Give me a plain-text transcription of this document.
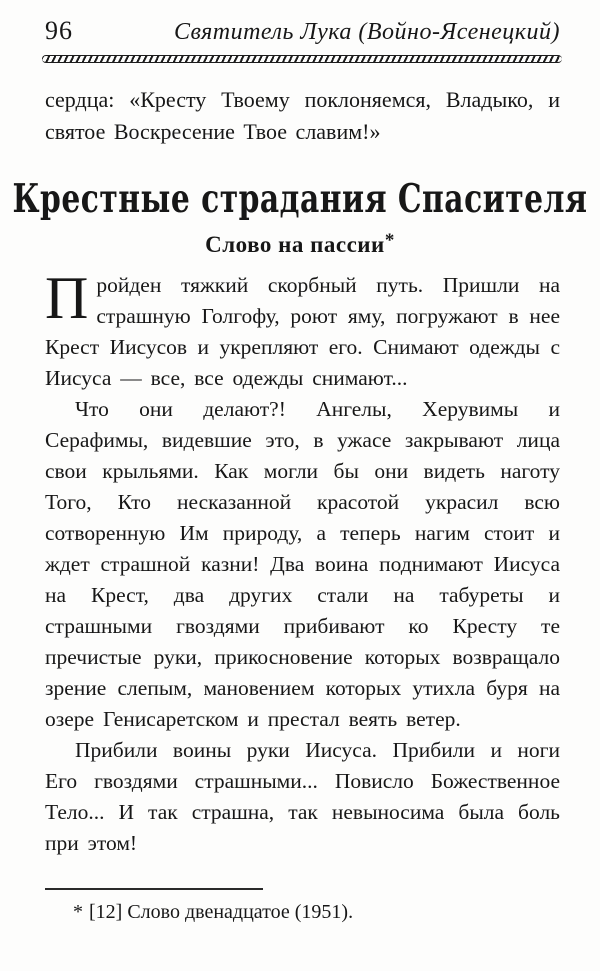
96	Святитель Лука (Войно-Ясенецкий)

сердца: «Кресту Твоему поклоняемся, Владыко, и святое Воскресение Твое славим!»

Крестные страдания Спасителя
Слово на пассии*

Пройден тяжкий скорбный путь. Пришли на страшную Голгофу, роют яму, погружают в нее Крест Иисусов и укрепляют его. Снимают одежды с Иисуса — все, все одежды снимают...

Что они делают?! Ангелы, Херувимы и Серафимы, видевшие это, в ужасе закрывают лица свои крыльями. Как могли бы они видеть наготу Того, Кто несказанной красотой украсил всю сотворенную Им природу, а теперь нагим стоит и ждет страшной казни! Два воина поднимают Иисуса на Крест, два других стали на табуреты и страшными гвоздями прибивают ко Кресту те пречистые руки, прикосновение которых возвращало зрение слепым, мановением которых утихла буря на озере Генисаретском и престал веять ветер.

Прибили воины руки Иисуса. Прибили и ноги Его гвоздями страшными... Повисло Божественное Тело... И так страшна, так невыносима была боль при этом!

* [12] Слово двенадцатое (1951).
